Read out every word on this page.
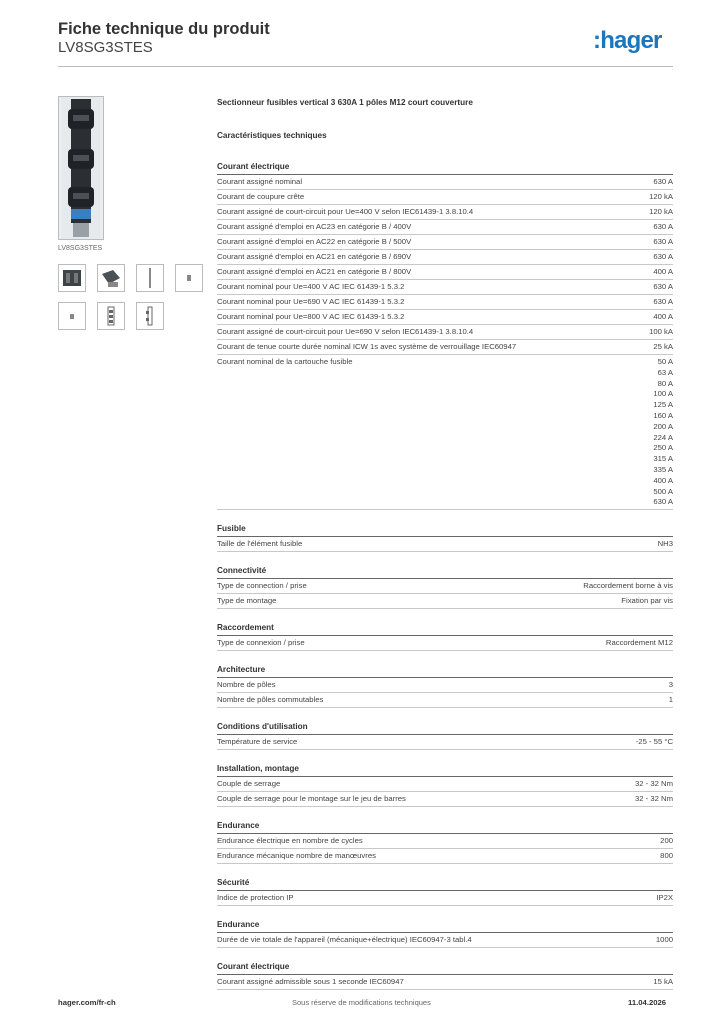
Fiche technique du produit
LV8SG3STES	:hager
LV8SG3STES
Sectionneur fusibles vertical 3 630A 1 pôles M12 court couverture
Caractéristiques techniques
Courant électrique
Courant assigné nominal	630 A
Courant de coupure crête	120 kA
Courant assigné de court-circuit pour Ue=400 V selon IEC61439-1 3.8.10.4	120 kA
Courant assigné d'emploi en AC23 en catégorie B / 400V	630 A
Courant assigné d'emploi en AC22 en catégorie B / 500V	630 A
Courant assigné d'emploi en AC21 en catégorie B / 690V	630 A
Courant assigné d'emploi en AC21 en catégorie B / 800V	400 A
Courant nominal pour Ue=400 V AC IEC 61439-1 5.3.2	630 A
Courant nominal pour Ue=690 V AC IEC 61439-1 5.3.2	630 A
Courant nominal pour Ue=800 V AC IEC 61439-1 5.3.2	400 A
Courant assigné de court-circuit pour Ue=690 V selon IEC61439-1 3.8.10.4	100 kA
Courant de tenue courte durée nominal ICW 1s avec système de verrouillage IEC60947	25 kA
Courant nominal de la cartouche fusible	50 A
63 A
80 A
100 A
125 A
160 A
200 A
224 A
250 A
315 A
335 A
400 A
500 A
630 A
Fusible
Taille de l'élément fusible	NH3
Connectivité
Type de connection / prise	Raccordement borne à vis
Type de montage	Fixation par vis
Raccordement
Type de connexion / prise	Raccordement M12
Architecture
Nombre de pôles	3
Nombre de pôles commutables	1
Conditions d'utilisation
Température de service	-25 - 55 °C
Installation, montage
Couple de serrage	32 - 32 Nm
Couple de serrage pour le montage sur le jeu de barres	32 - 32 Nm
Endurance
Endurance électrique en nombre de cycles	200
Endurance mécanique nombre de manœuvres	800
Sécurité
Indice de protection IP	IP2X
Endurance
Durée de vie totale de l'appareil (mécanique+électrique) IEC60947-3 tabl.4	1000
Courant électrique
Courant assigné admissible sous 1 seconde IEC60947	15 kA
hager.com/fr-ch	Sous réserve de modifications techniques	11.04.2026
